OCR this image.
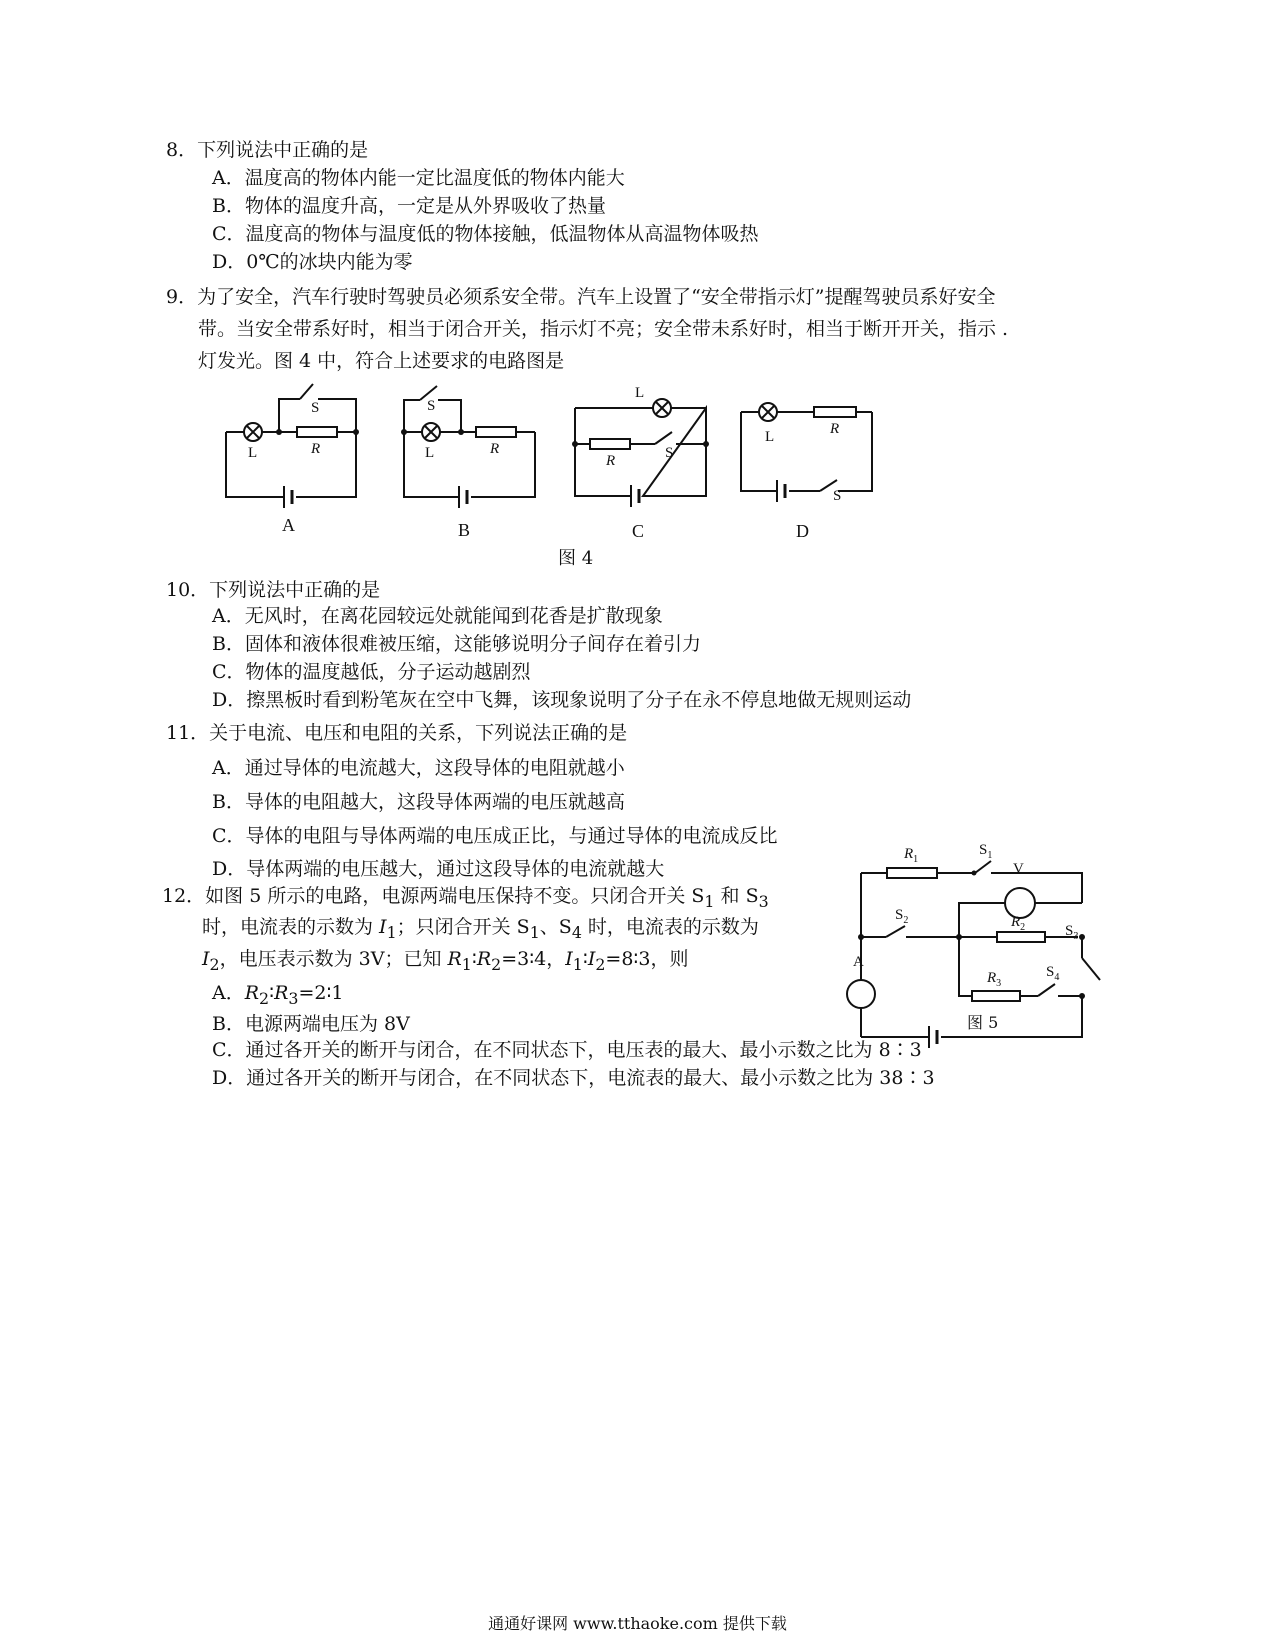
8．下列说法中正确的是
A．温度高的物体内能一定比温度低的物体内能大
B．物体的温度升高，一定是从外界吸收了热量
C．温度高的物体与温度低的物体接触，低温物体从高温物体吸热
D．0℃的冰块内能为零
9．为了安全，汽车行驶时驾驶员必须系安全带。汽车上设置了“安全带指示灯”提醒驾驶员系好安全
带。当安全带系好时，相当于闭合开关，指示灯不亮；安全带未系好时，相当于断开开关，指示 .
灯发光。图 4 中，符合上述要求的电路图是
S
L	R
A
S
L	R
B
L
R	S
C
L	R
S
D
图 4
10．下列说法中正确的是
A．无风时，在离花园较远处就能闻到花香是扩散现象
B．固体和液体很难被压缩，这能够说明分子间存在着引力
C．物体的温度越低，分子运动越剧烈
D．擦黑板时看到粉笔灰在空中飞舞，该现象说明了分子在永不停息地做无规则运动
11．关于电流、电压和电阻的关系，下列说法正确的是
A．通过导体的电流越大，这段导体的电阻就越小
B．导体的电阻越大，这段导体两端的电压就越高
C．导体的电阻与导体两端的电压成正比，与通过导体的电流成反比
D．导体两端的电压越大，通过这段导体的电流就越大
12．如图 5 所示的电路，电源两端电压保持不变。只闭合开关 $S_1$ 和 $S_3$
时，电流表的示数为 $I_1$；只闭合开关 $S_1$、$S_4$ 时，电流表的示数为
$I_2$，电压表示数为 3V；已知 $R_1∶R_2=3∶4$，$I_1∶I_2=8∶3$，则
A．$R_2∶R_3=2∶1$
B．电源两端电压为 8V
C．通过各开关的断开与闭合，在不同状态下，电压表的最大、最小示数之比为 8∶3
D．通过各开关的断开与闭合，在不同状态下，电流表的最大、最小示数之比为 38∶3
$R_1$
$S_1$
V
$S_2$	$R_2$	$S_3$
A
$R_3$
$S_4$
图 5
通通好课网 www.tthaoke.com 提供下载
